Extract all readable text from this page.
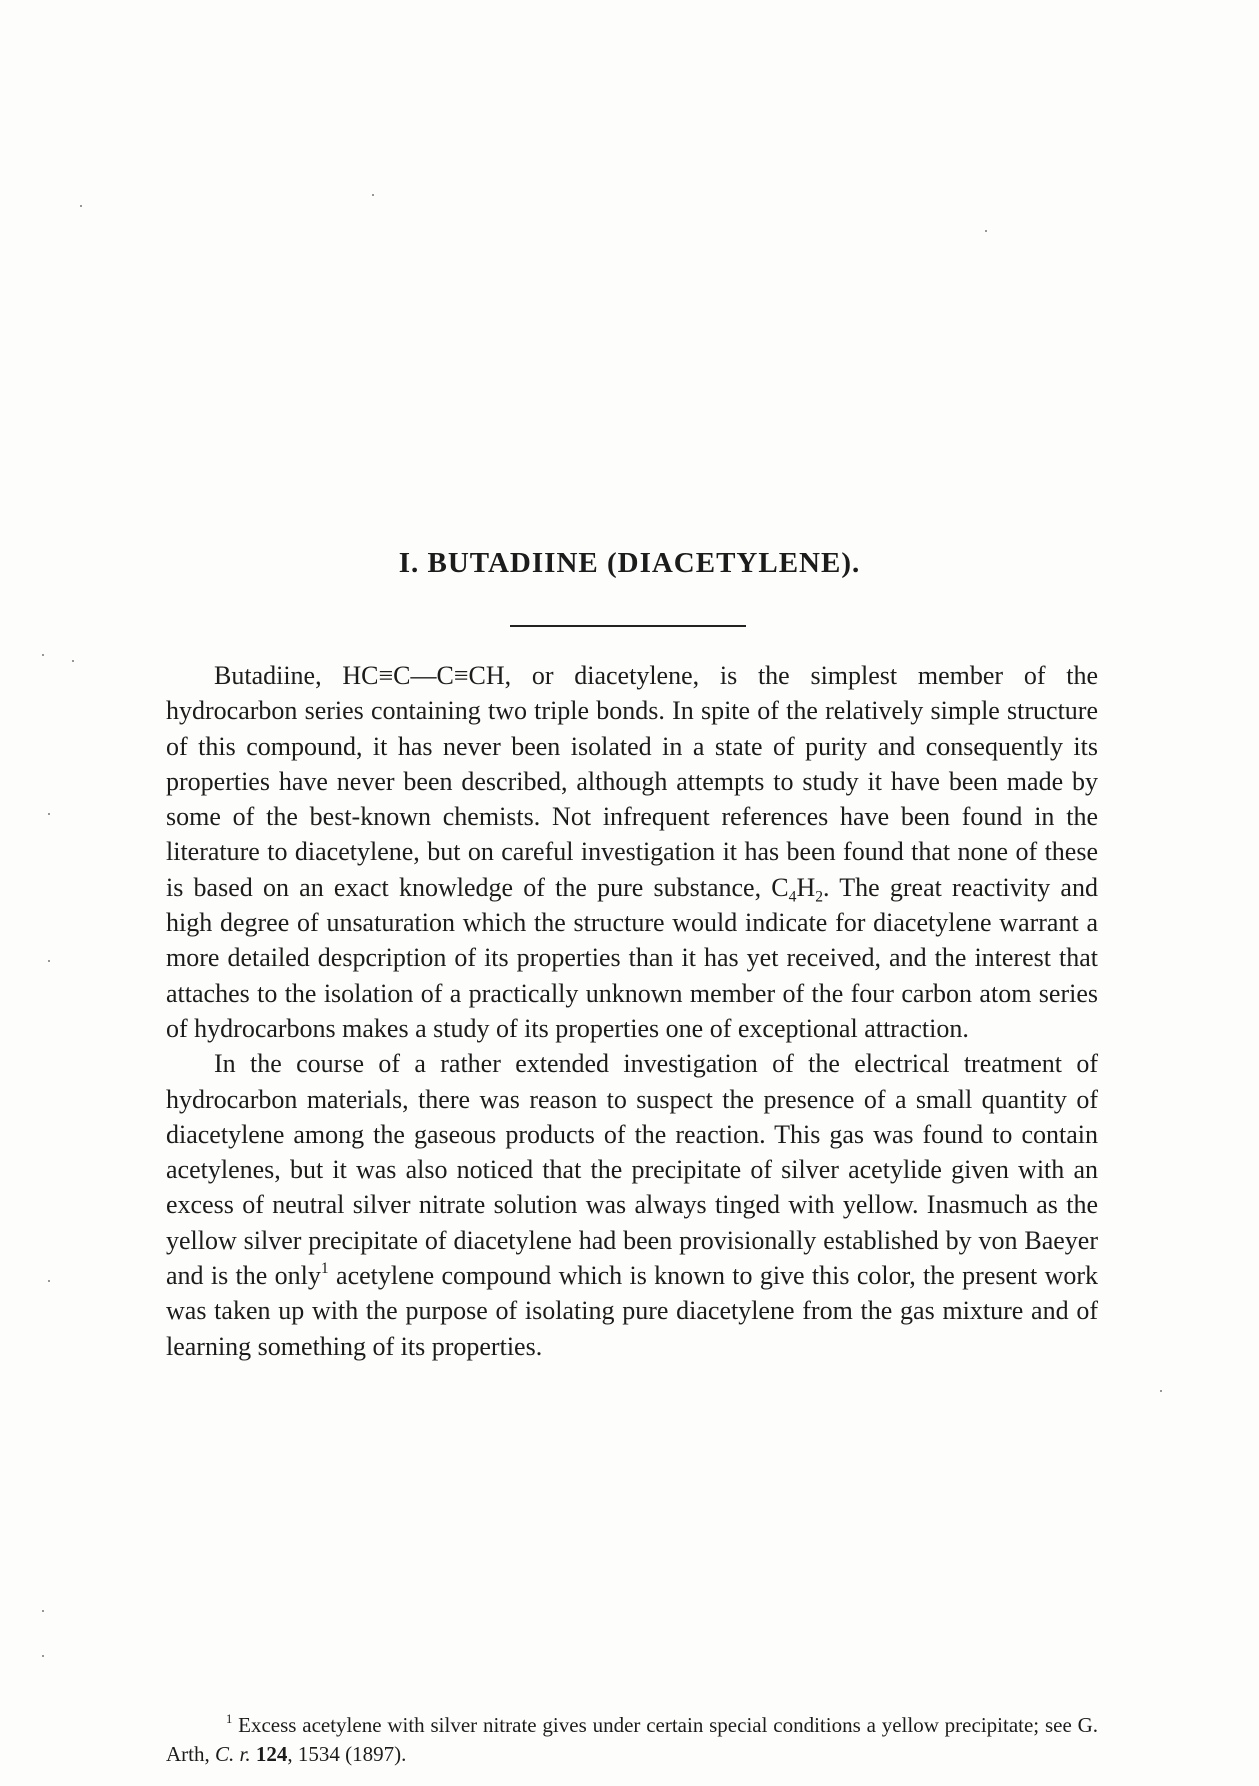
I. BUTADIINE (DIACETYLENE).

Butadiine, HC≡C—C≡CH, or diacetylene, is the simplest member of the hydrocarbon series containing two triple bonds. In spite of the relatively simple structure of this compound, it has never been isolated in a state of purity and consequently its properties have never been described, although attempts to study it have been made by some of the best-known chemists. Not infrequent references have been found in the literature to diacetylene, but on careful investigation it has been found that none of these is based on an exact knowledge of the pure substance, $C_4H_2$. The great reactivity and high degree of unsaturation which the structure would indicate for diacetylene warrant a more detailed despcription of its properties than it has yet received, and the interest that attaches to the isolation of a practically unknown member of the four carbon atom series of hydrocarbons makes a study of its properties one of exceptional attraction.

In the course of a rather extended investigation of the electrical treatment of hydrocarbon materials, there was reason to suspect the presence of a small quantity of diacetylene among the gaseous products of the reaction. This gas was found to contain acetylenes, but it was also noticed that the precipitate of silver acetylide given with an excess of neutral silver nitrate solution was always tinged with yellow. Inasmuch as the yellow silver precipitate of diacetylene had been provisionally established by von Baeyer and is the only$^1$ acetylene compound which is known to give this color, the present work was taken up with the purpose of isolating pure diacetylene from the gas mixture and of learning something of its properties.

$^1$ Excess acetylene with silver nitrate gives under certain special conditions a yellow precipitate; see G. Arth, C. r. 124, 1534 (1897).
